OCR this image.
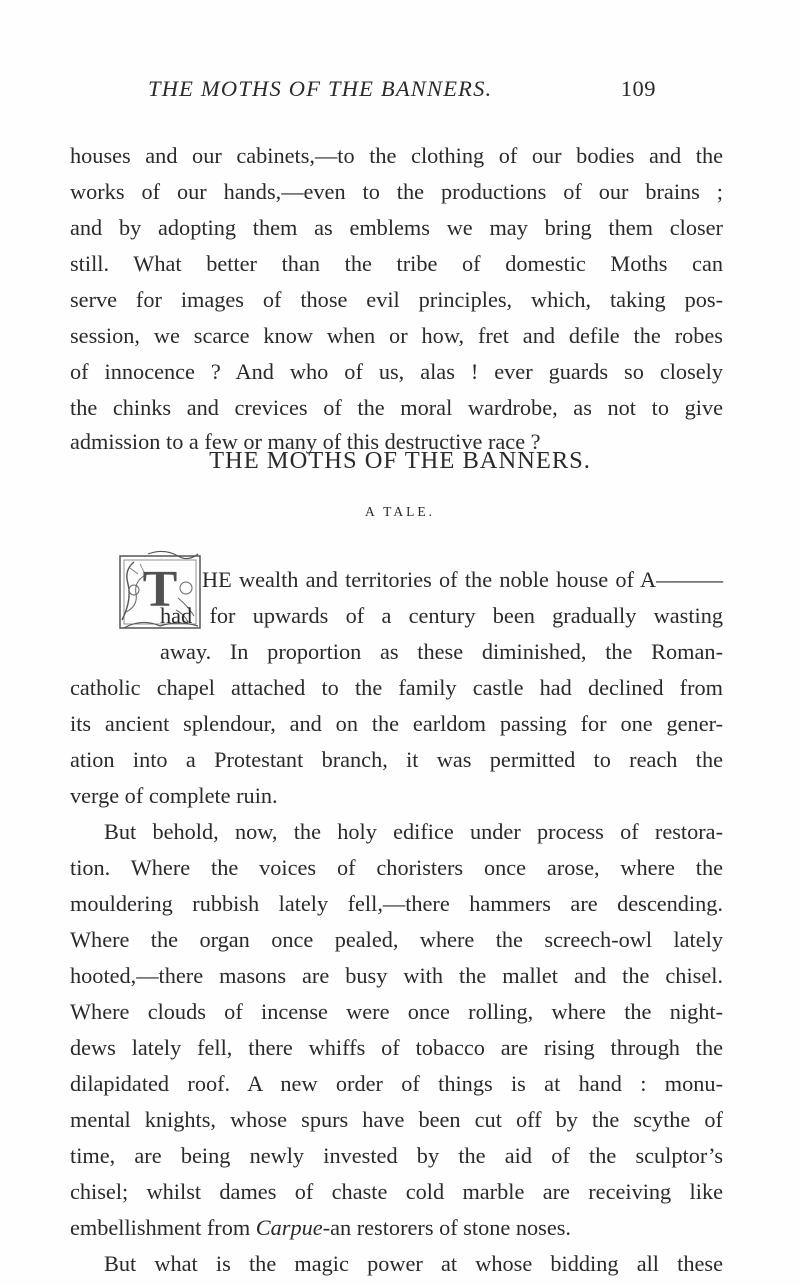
THE MOTHS OF THE BANNERS.	109
houses and our cabinets,—to the clothing of our bodies and the
works of our hands,—even to the productions of our brains ;
and by adopting them as emblems we may bring them closer
still. What better than the tribe of domestic Moths can
serve for images of those evil principles, which, taking pos-
session, we scarce know when or how, fret and defile the robes
of innocence ? And who of us, alas ! ever guards so closely
the chinks and crevices of the moral wardrobe, as not to give
admission to a few or many of this destructive race ?
THE MOTHS OF THE BANNERS.
A TALE.
T HE wealth and territories of the noble house of A———
had for upwards of a century been gradually wasting
away. In proportion as these diminished, the Roman-
catholic chapel attached to the family castle had declined from
its ancient splendour, and on the earldom passing for one gener-
ation into a Protestant branch, it was permitted to reach the
verge of complete ruin.
But behold, now, the holy edifice under process of restora-
tion. Where the voices of choristers once arose, where the
mouldering rubbish lately fell,—there hammers are descending.
Where the organ once pealed, where the screech-owl lately
hooted,—there masons are busy with the mallet and the chisel.
Where clouds of incense were once rolling, where the night-
dews lately fell, there whiffs of tobacco are rising through the
dilapidated roof. A new order of things is at hand : monu-
mental knights, whose spurs have been cut off by the scythe of
time, are being newly invested by the aid of the sculptor’s
chisel; whilst dames of chaste cold marble are receiving like
embellishment from Carpue-an restorers of stone noses.
But what is the magic power at whose bidding all these
